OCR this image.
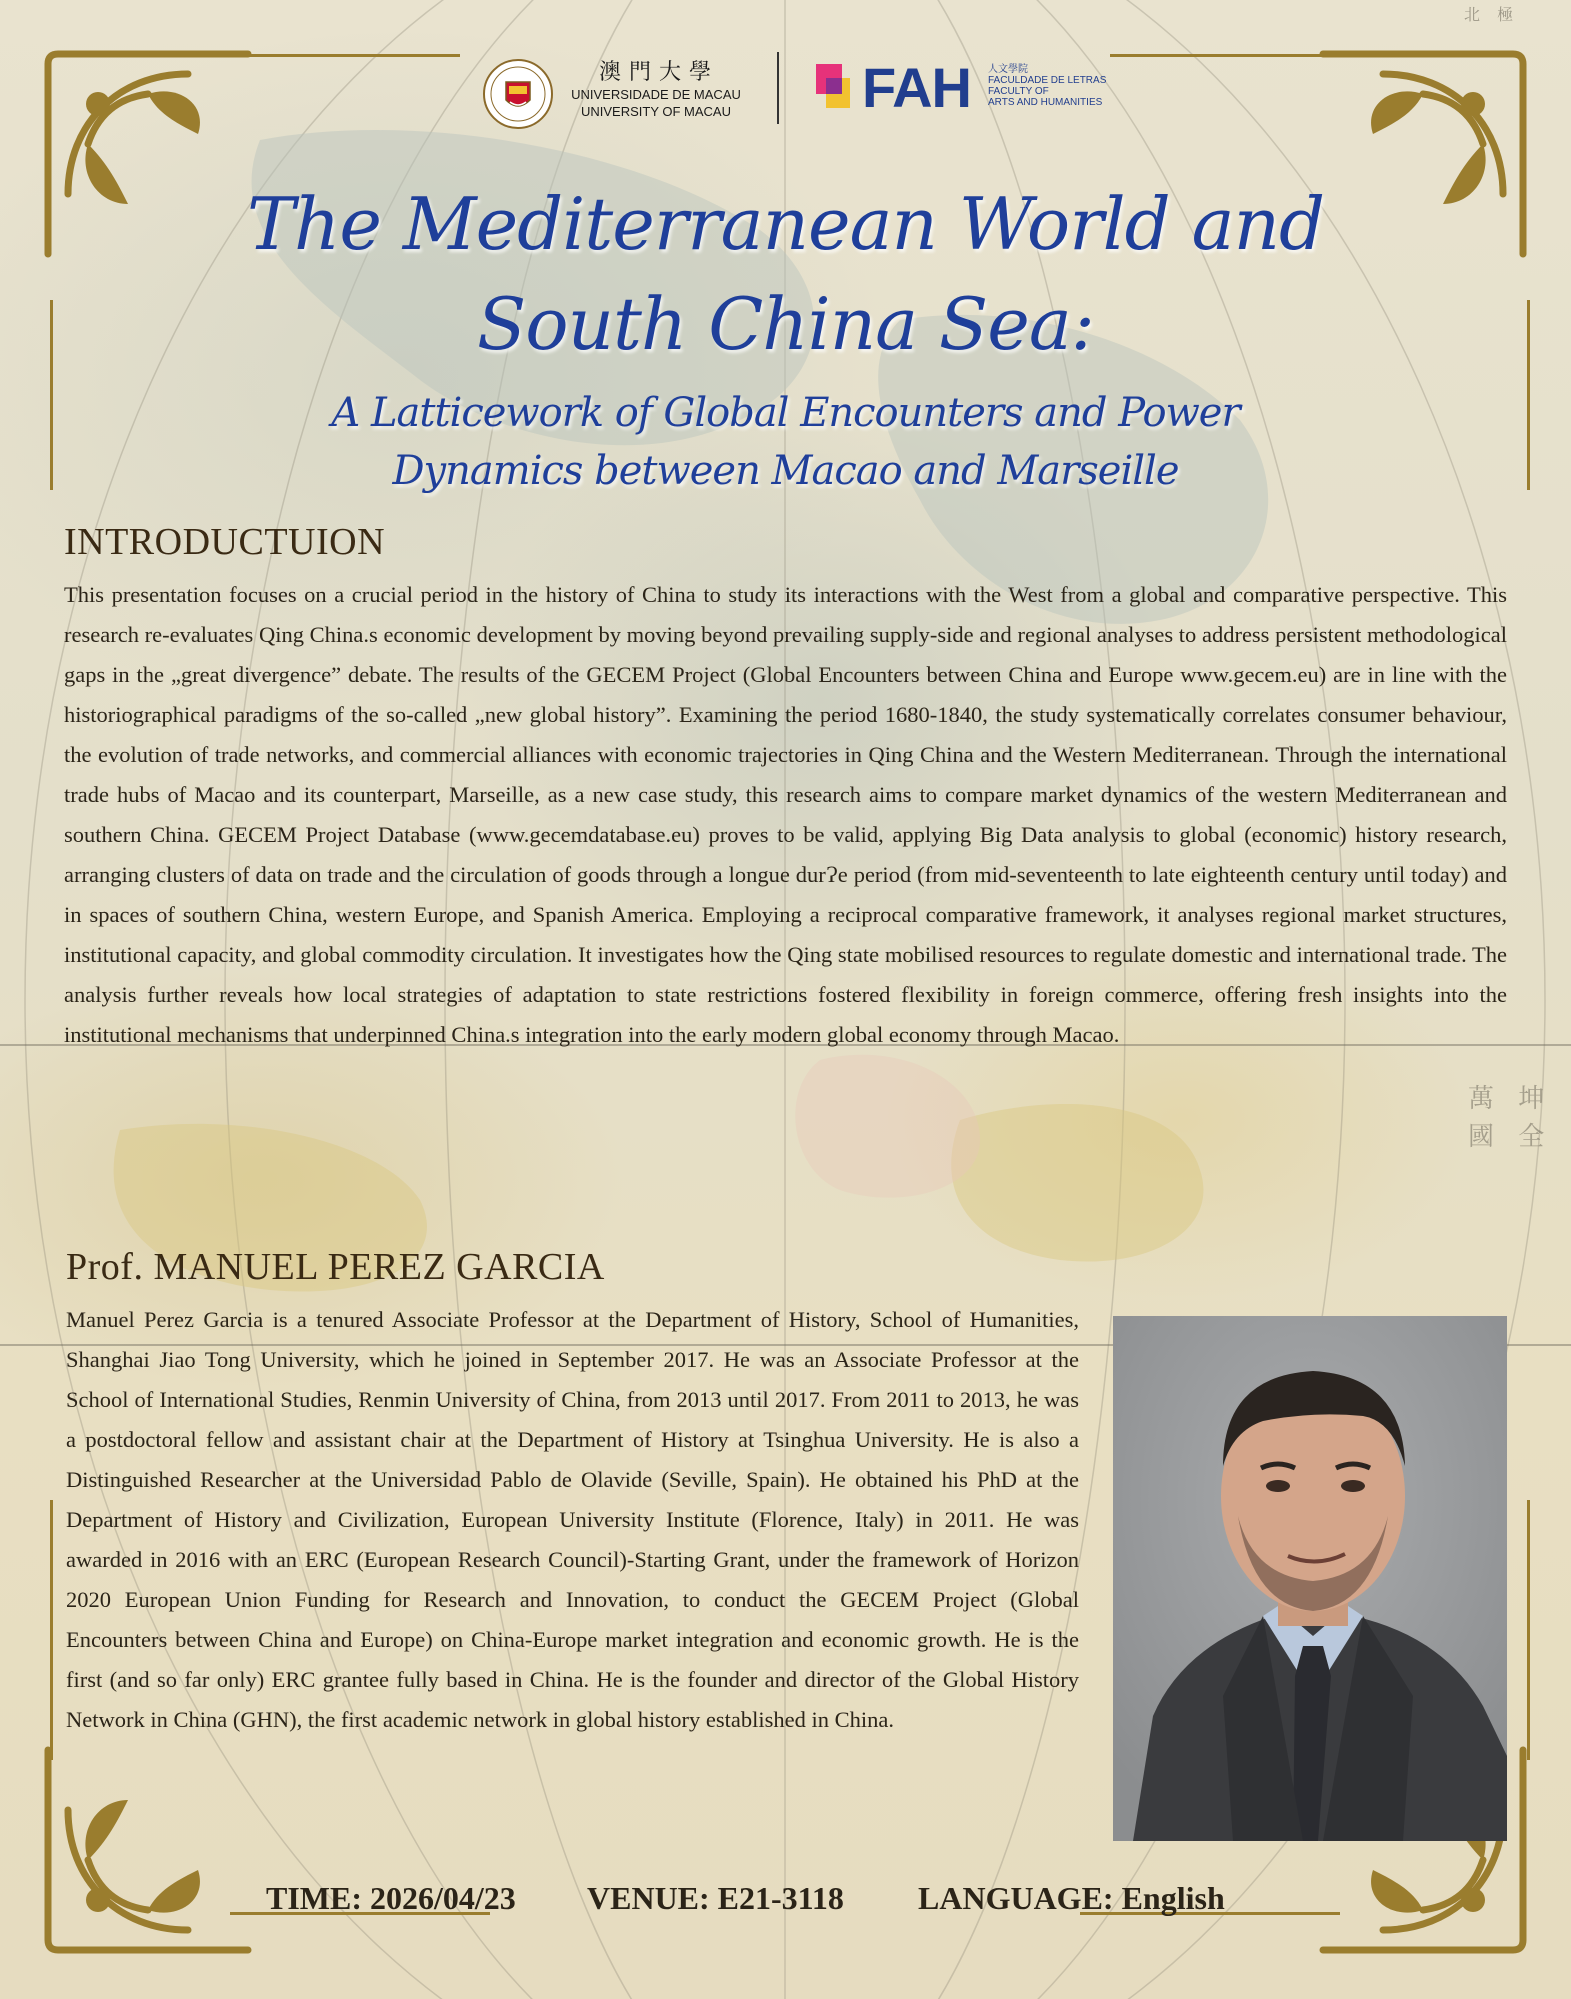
北 極
萬 坤
國 全
澳門大學
UNIVERSIDADE DE MACAU
UNIVERSITY OF MACAU FAH 人文學院
FACULDADE DE LETRAS
FACULTY OF
ARTS AND HUMANITIES
The Mediterranean World and
South China Sea:
A Latticework of Global Encounters and Power
Dynamics between Macao and Marseille
INTRODUCTUION

This presentation focuses on a crucial period in the history of China to study its interactions with the West from a global and comparative perspective. This research re-evaluates Qing China.s economic development by moving beyond prevailing supply-side and regional analyses to address persistent methodological gaps in the „great divergence” debate. The results of the GECEM Project (Global Encounters between China and Europe www.gecem.eu) are in line with the historiographical paradigms of the so-called „new global history”. Examining the period 1680-1840, the study systematically correlates consumer behaviour, the evolution of trade networks, and commercial alliances with economic trajectories in Qing China and the Western Mediterranean. Through the international trade hubs of Macao and its counterpart, Marseille, as a new case study, this research aims to compare market dynamics of the western Mediterranean and southern China. GECEM Project Database (www.gecemdatabase.eu) proves to be valid, applying Big Data analysis to global (economic) history research, arranging clusters of data on trade and the circulation of goods through a longue durɁe period (from mid-seventeenth to late eighteenth century until today) and in spaces of southern China, western Europe, and Spanish America. Employing a reciprocal comparative framework, it analyses regional market structures, institutional capacity, and global commodity circulation. It investigates how the Qing state mobilised resources to regulate domestic and international trade. The analysis further reveals how local strategies of adaptation to state restrictions fostered flexibility in foreign commerce, offering fresh insights into the institutional mechanisms that underpinned China.s integration into the early modern global economy through Macao.

Prof. MANUEL PEREZ GARCIA

Manuel Perez Garcia is a tenured Associate Professor at the Department of History, School of Humanities, Shanghai Jiao Tong University, which he joined in September 2017. He was an Associate Professor at the School of International Studies, Renmin University of China, from 2013 until 2017. From 2011 to 2013, he was a postdoctoral fellow and assistant chair at the Department of History at Tsinghua University. He is also a Distinguished Researcher at the Universidad Pablo de Olavide (Seville, Spain). He obtained his PhD at the Department of History and Civilization, European University Institute (Florence, Italy) in 2011. He was awarded in 2016 with an ERC (European Research Council)-Starting Grant, under the framework of Horizon 2020 European Union Funding for Research and Innovation, to conduct the GECEM Project (Global Encounters between China and Europe) on China-Europe market integration and economic growth. He is the first (and so far only) ERC grantee fully based in China. He is the founder and director of the Global History Network in China (GHN), the first academic network in global history established in China.

TIME: 2026/04/23 VENUE: E21-3118 LANGUAGE: English
